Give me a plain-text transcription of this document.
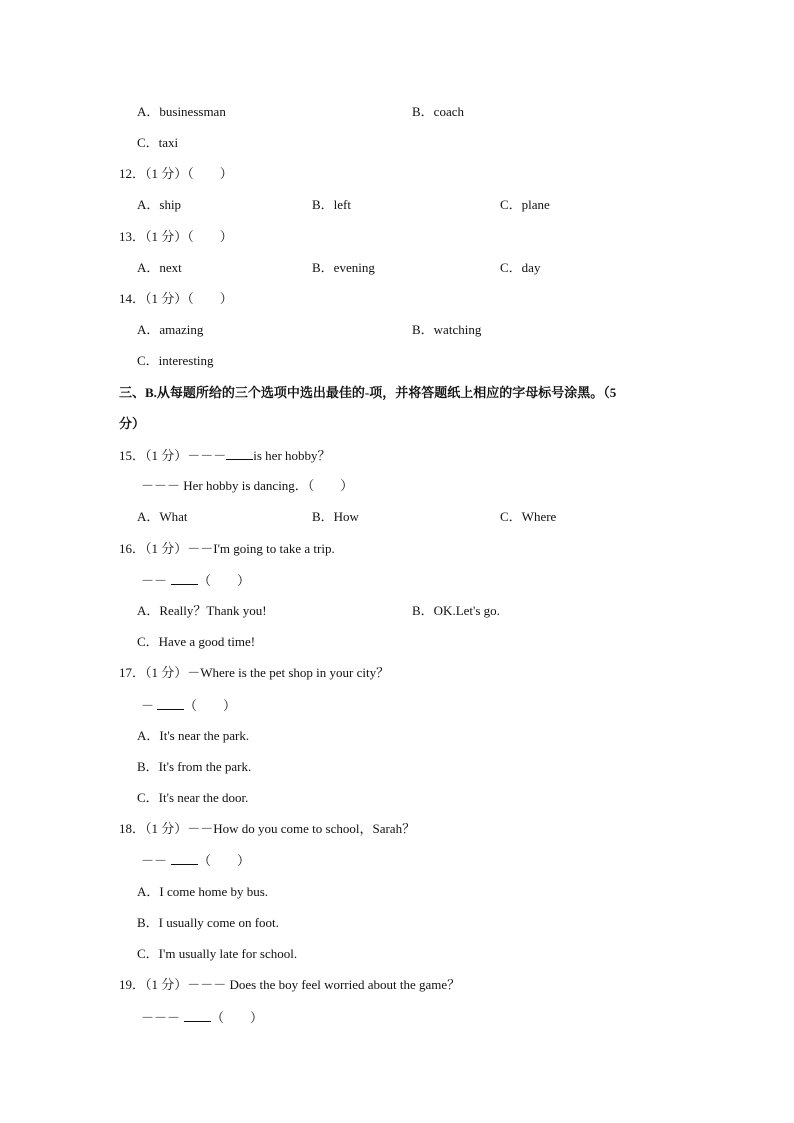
A．businessman	B．coach
C．taxi
12．（1 分）（　　）
A．ship	B．left	C．plane
13．（1 分）（　　）
A．next	B．evening	C．day
14．（1 分）（　　）
A．amazing	B．watching
C．interesting
三、B.从每题所给的三个选项中选出最佳的-项，并将答题纸上相应的字母标号涂黑。（5
分）
15．（1 分）－－－ is her hobby？
－－－ Her hobby is dancing．（　　）
A．What	B．How	C．Where
16．（1 分）－－I'm going to take a trip.
－－ （　　）
A．Really？Thank you!	B．OK.Let's go.
C．Have a good time!
17．（1 分）－Where is the pet shop in your city？
－ （　　）
A．It's near the park.
B．It's from the park.
C．It's near the door.
18．（1 分）－－How do you come to school，Sarah？
－－ （　　）
A．I come home by bus.
B．I usually come on foot.
C．I'm usually late for school.
19．（1 分）－－－ Does the boy feel worried about the game？
－－－ （　　）
